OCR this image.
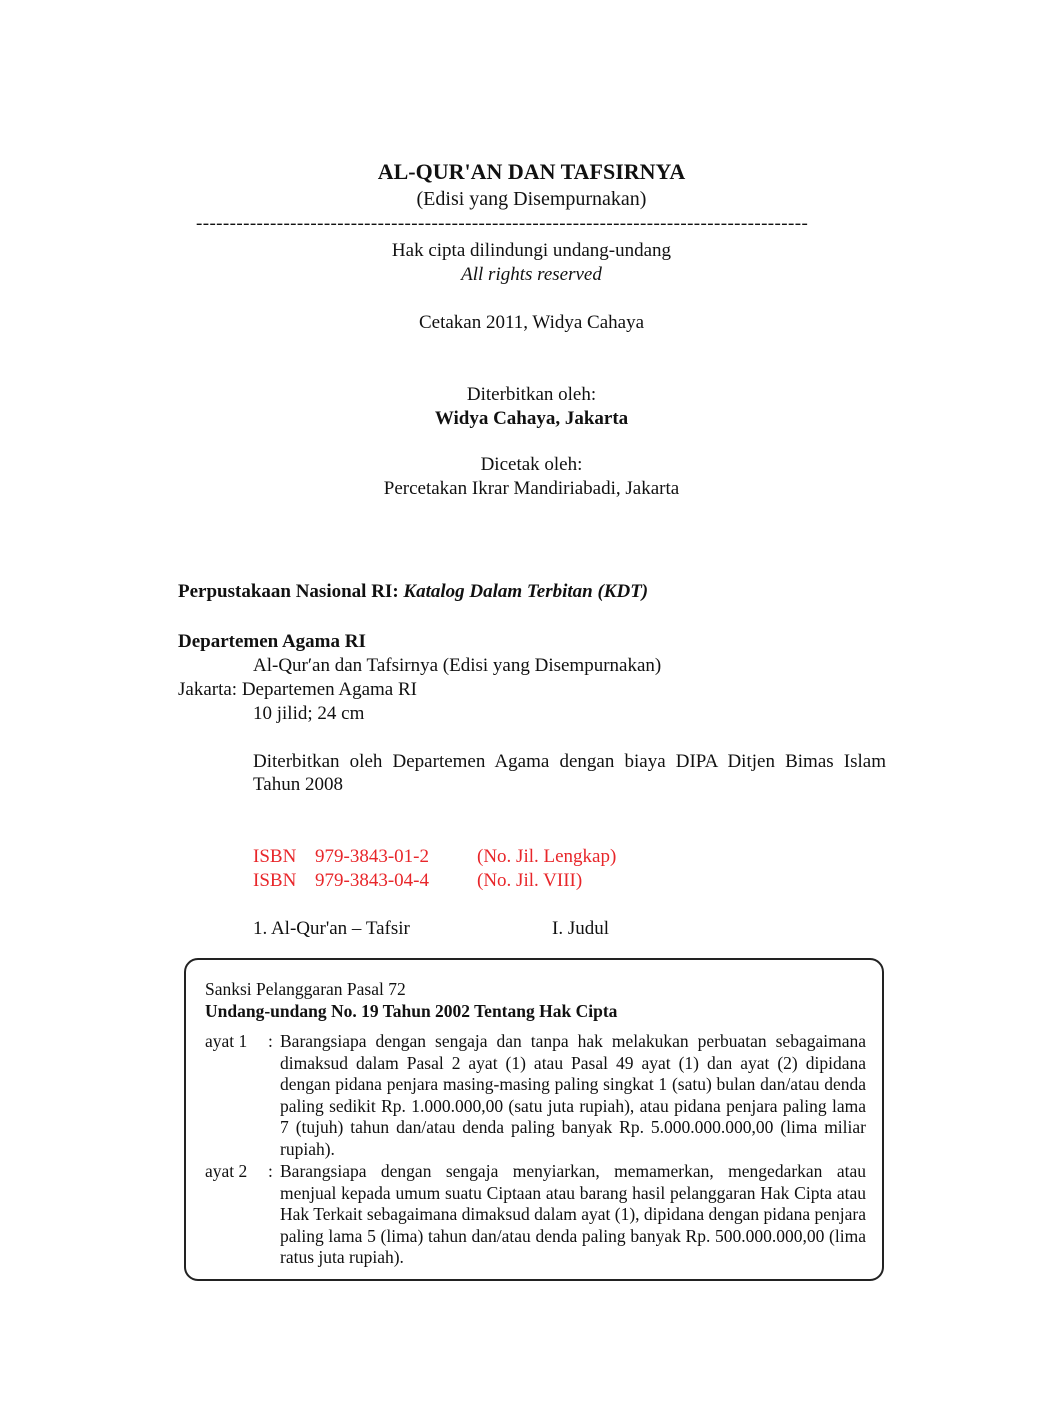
AL-QUR'AN DAN TAFSIRNYA
(Edisi yang Disempurnakan)
-------------------------------------------------------------------------------------------
Hak cipta dilindungi undang-undang
All rights reserved
Cetakan 2011, Widya Cahaya
Diterbitkan oleh:
Widya Cahaya, Jakarta
Dicetak oleh:
Percetakan Ikrar Mandiriabadi, Jakarta
Perpustakaan Nasional RI: Katalog Dalam Terbitan (KDT)
Departemen Agama RI
Al-Qur′an dan Tafsirnya (Edisi yang Disempurnakan)
Jakarta: Departemen Agama RI
10 jilid; 24 cm
Diterbitkan oleh Departemen Agama dengan biaya DIPA Ditjen Bimas Islam Tahun 2008
ISBN 979-3843-01-2	(No. Jil. Lengkap)
ISBN 979-3843-04-4	(No. Jil. VIII)
1. Al-Qur'an – Tafsir	I. Judul
Sanksi Pelanggaran Pasal 72
Undang-undang No. 19 Tahun 2002 Tentang Hak Cipta
ayat 1 : Barangsiapa dengan sengaja dan tanpa hak melakukan perbuatan sebagaimana dimaksud dalam Pasal 2 ayat (1) atau Pasal 49 ayat (1) dan ayat (2) dipidana dengan pidana penjara masing-masing paling singkat 1 (satu) bulan dan/atau denda paling sedikit Rp. 1.000.000,00 (satu juta rupiah), atau pidana penjara paling lama 7 (tujuh) tahun dan/atau denda paling banyak Rp. 5.000.000.000,00 (lima miliar rupiah).
ayat 2 : Barangsiapa dengan sengaja menyiarkan, memamerkan, mengedarkan atau menjual kepada umum suatu Ciptaan atau barang hasil pelanggaran Hak Cipta atau Hak Terkait sebagaimana dimaksud dalam ayat (1), dipidana dengan pidana penjara paling lama 5 (lima) tahun dan/atau denda paling banyak Rp. 500.000.000,00 (lima ratus juta rupiah).
